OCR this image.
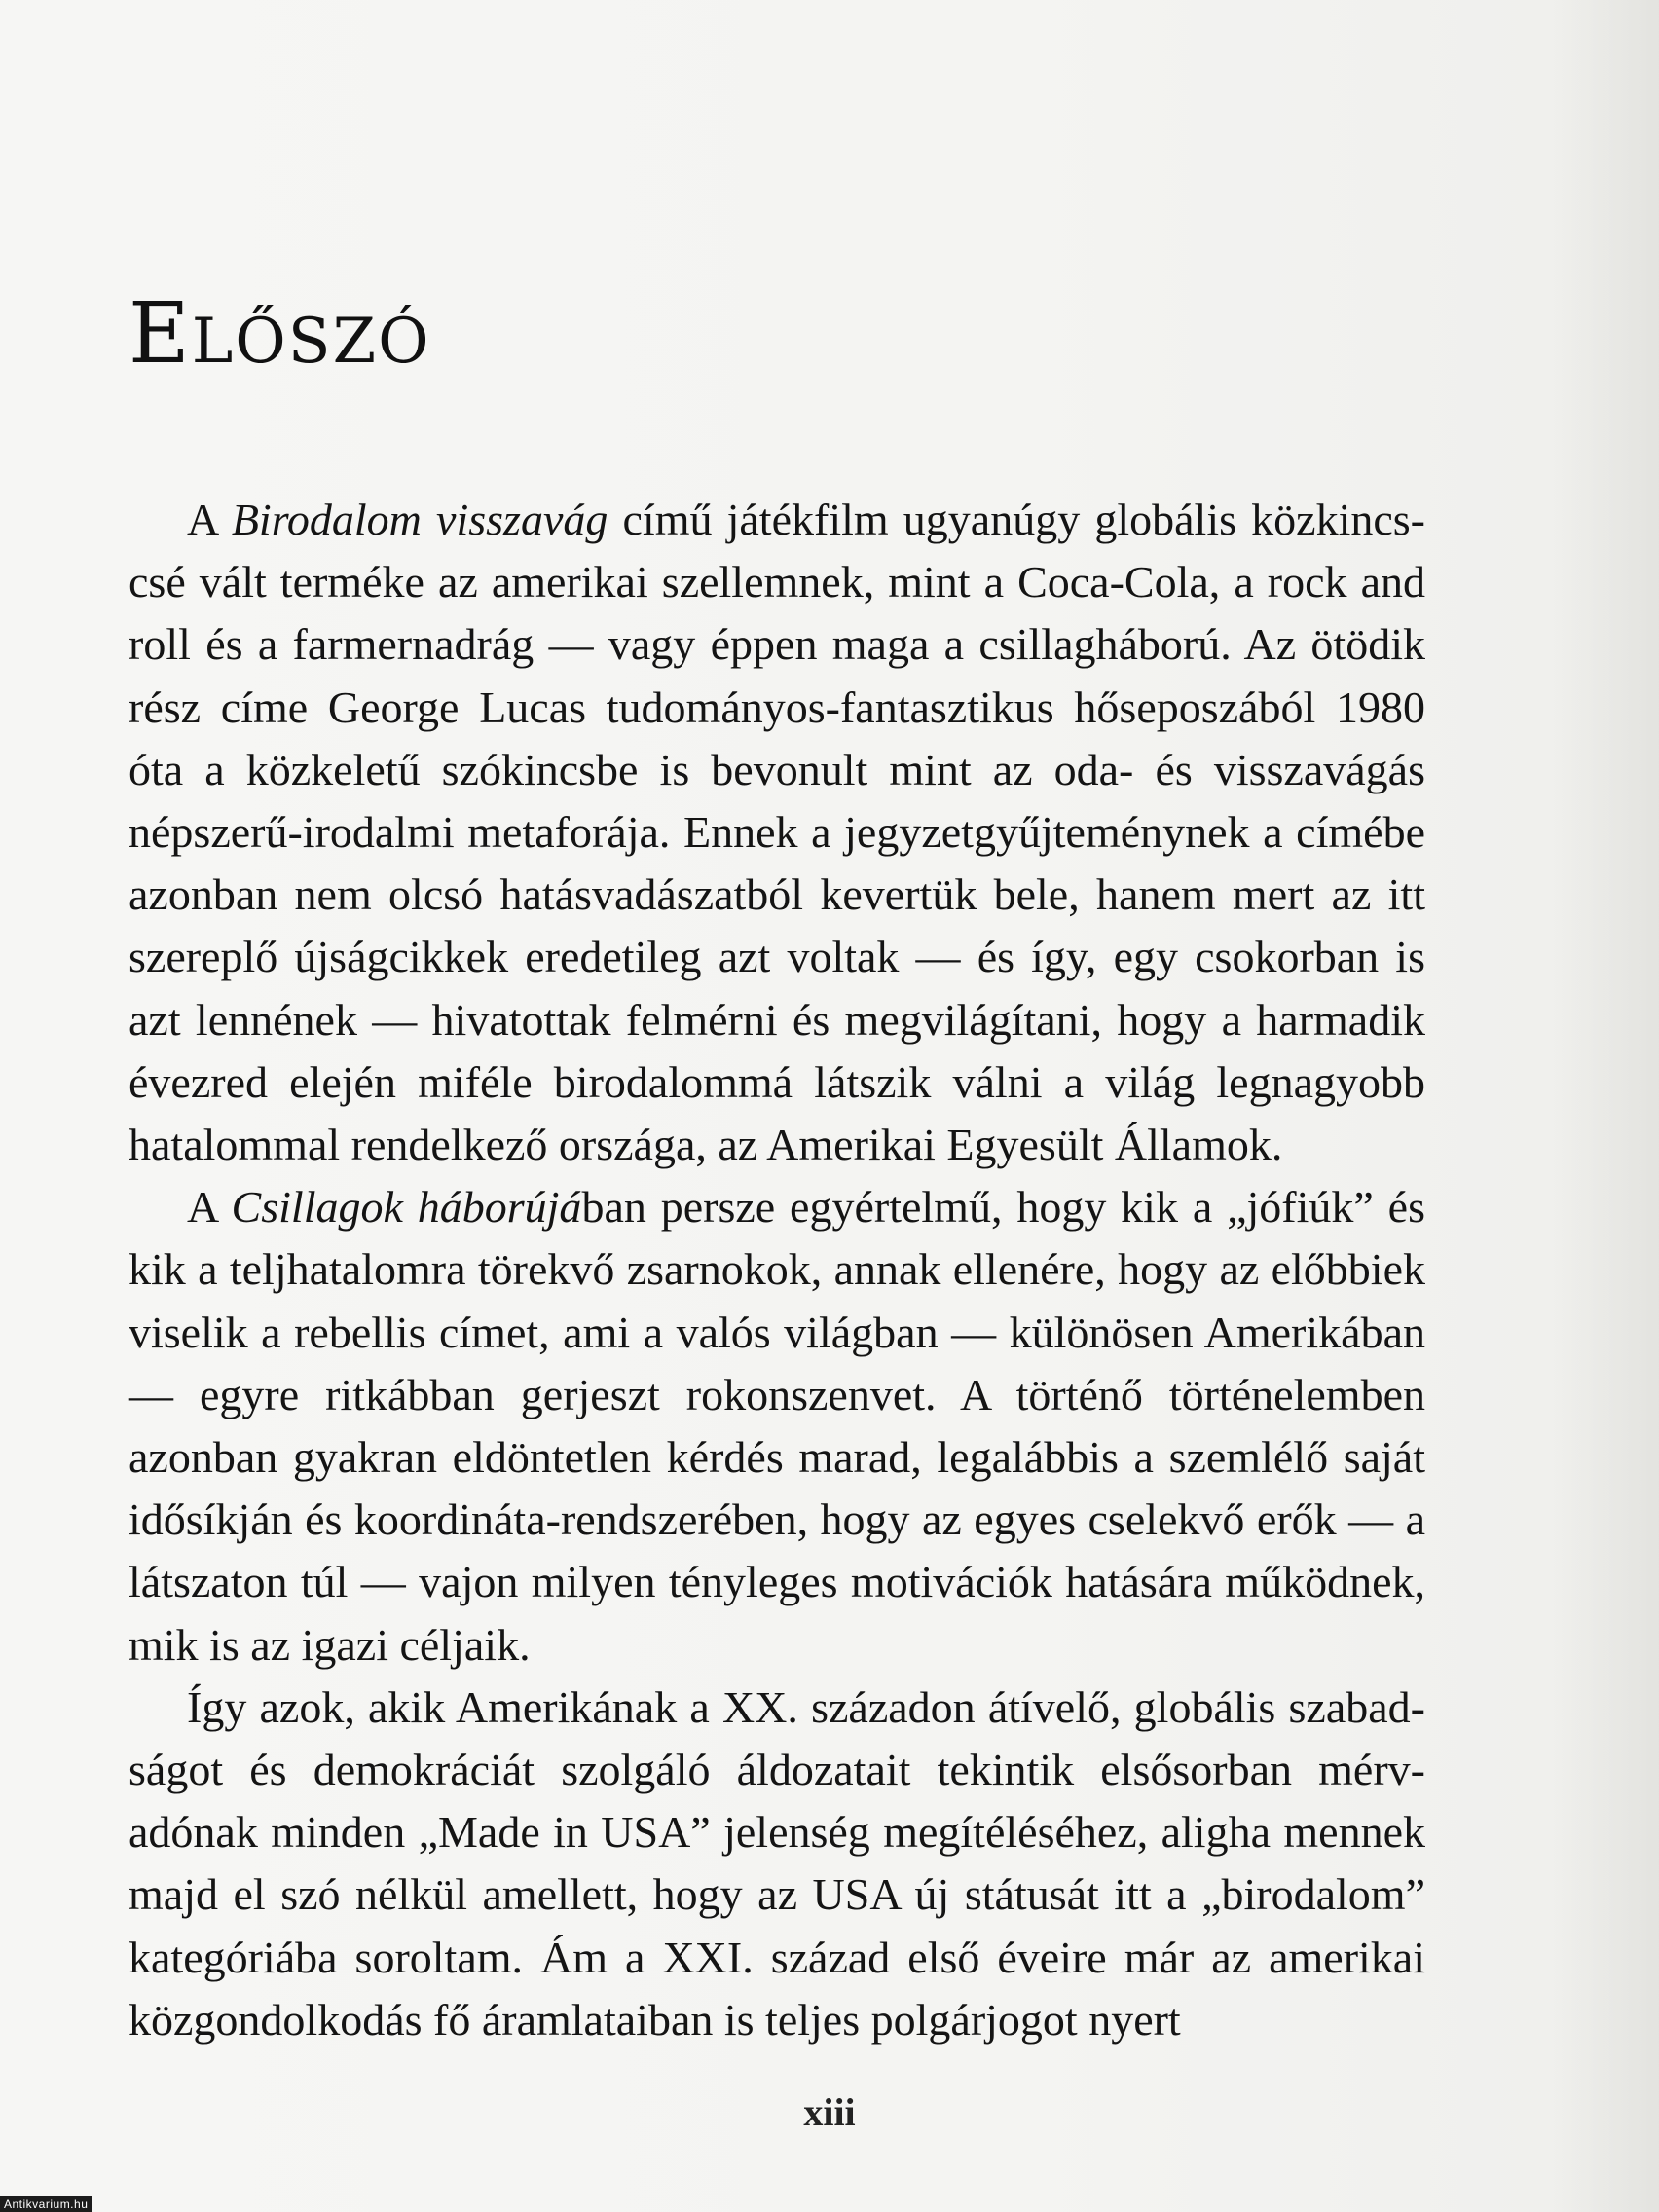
ELŐSZÓ

A Birodalom visszavág című játékfilm ugyanúgy globális közkincscsé vált terméke az amerikai szellemnek, mint a Coca-Cola, a rock and roll és a farmernadrág — vagy éppen maga a csillagháború. Az ötödik rész címe George Lucas tudományos-fantasztikus hőseposzából 1980 óta a közkeletű szókincsbe is bevonult mint az oda- és visszavágás népszerű-irodalmi metaforája. Ennek a jegyzetgyűjteménynek a címébe azonban nem olcsó hatásvadászatból kevertük bele, hanem mert az itt szereplő újságcikkek eredetileg azt voltak — és így, egy csokorban is azt lennének — hivatottak felmérni és megvilágítani, hogy a harmadik évezred elején miféle birodalommá látszik válni a világ legnagyobb hatalommal rendelkező országa, az Amerikai Egyesült Államok.

A Csillagok háborújában persze egyértelmű, hogy kik a „jófiúk” és kik a teljhatalomra törekvő zsarnokok, annak ellenére, hogy az előbbiek viselik a rebellis címet, ami a valós világban — különösen Amerikában — egyre ritkábban gerjeszt rokonszenvet. A történő történelemben azonban gyakran eldöntetlen kérdés marad, legalábbis a szemlélő saját idősíkján és koordináta-rendszerében, hogy az egyes cselekvő erők — a látszaton túl — vajon milyen tényleges motivációk hatására működnek, mik is az igazi céljaik.

Így azok, akik Amerikának a XX. századon átívelő, globális szabadságot és demokráciát szolgáló áldozatait tekintik elsősorban mérvadónak minden „Made in USA” jelenség megítéléséhez, aligha mennek majd el szó nélkül amellett, hogy az USA új státusát itt a „birodalom” kategóriába soroltam. Ám a XXI. század első éveire már az amerikai közgondolkodás fő áramlataiban is teljes polgárjogot nyert

xiii
Antikvarium.hu
